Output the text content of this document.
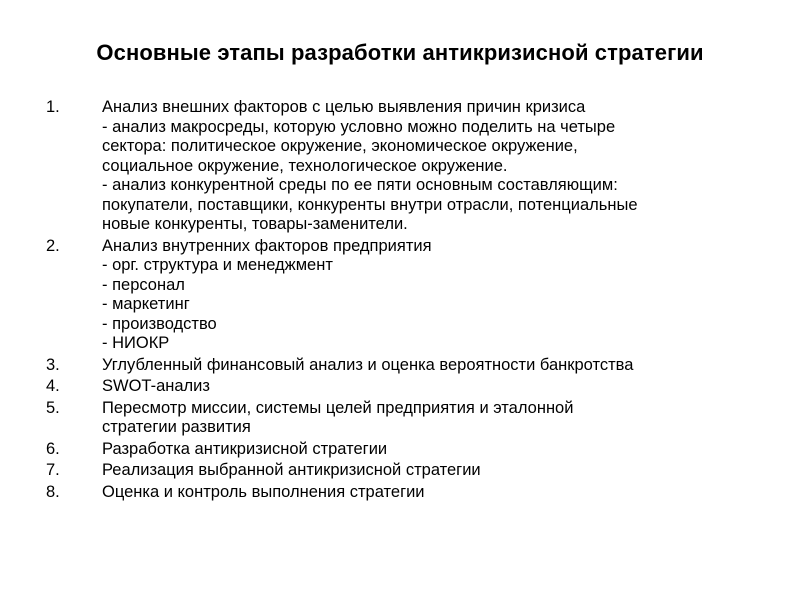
Основные этапы разработки антикризисной стратегии
1.	Анализ внешних факторов с целью выявления причин кризиса
- анализ макросреды, которую условно можно поделить на четыре
сектора: политическое окружение, экономическое окружение,
социальное окружение, технологическое окружение.
- анализ конкурентной среды по ее пяти основным составляющим:
покупатели, поставщики, конкуренты внутри отрасли, потенциальные
новые конкуренты, товары-заменители.
2.	Анализ внутренних факторов предприятия
- орг. структура и менеджмент
- персонал
- маркетинг
- производство
- НИОКР
3.	Углубленный финансовый анализ и оценка вероятности банкротства
4.	SWOT-анализ
5.	Пересмотр миссии, системы целей предприятия и эталонной
стратегии развития
6.	Разработка антикризисной стратегии
7.	Реализация выбранной антикризисной стратегии
8.	Оценка и контроль выполнения стратегии
